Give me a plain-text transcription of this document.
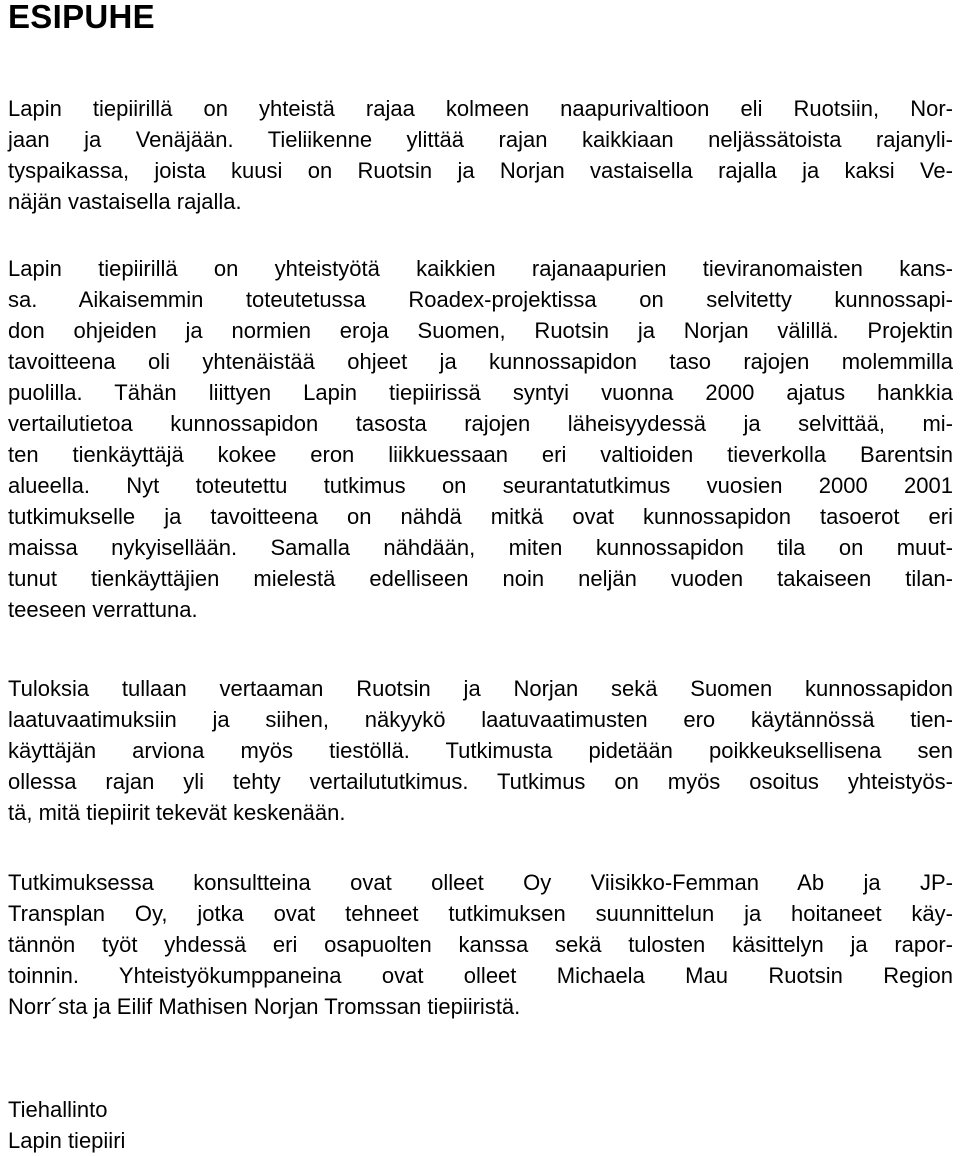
ESIPUHE

Lapin tiepiirillä on yhteistä rajaa kolmeen naapurivaltioon eli Ruotsiin, Nor-
jaan ja Venäjään. Tieliikenne ylittää rajan kaikkiaan neljässätoista rajanyli-
tyspaikassa, joista kuusi on Ruotsin ja Norjan vastaisella rajalla ja kaksi Ve-
näjän vastaisella rajalla.

Lapin tiepiirillä on yhteistyötä kaikkien rajanaapurien tieviranomaisten kans-
sa. Aikaisemmin toteutetussa Roadex-projektissa on selvitetty kunnossapi-
don ohjeiden ja normien eroja Suomen, Ruotsin ja Norjan välillä. Projektin
tavoitteena oli yhtenäistää ohjeet ja kunnossapidon taso rajojen molemmilla
puolilla. Tähän liittyen Lapin tiepiirissä syntyi vuonna 2000 ajatus hankkia
vertailutietoa kunnossapidon tasosta rajojen läheisyydessä ja selvittää, mi-
ten tienkäyttäjä kokee eron liikkuessaan eri valtioiden tieverkolla Barentsin
alueella. Nyt toteutettu tutkimus on seurantatutkimus vuosien 2000 2001
tutkimukselle ja tavoitteena on nähdä mitkä ovat kunnossapidon tasoerot eri
maissa nykyisellään. Samalla nähdään, miten kunnossapidon tila on muut-
tunut tienkäyttäjien mielestä edelliseen noin neljän vuoden takaiseen tilan-
teeseen verrattuna.

Tuloksia tullaan vertaaman Ruotsin ja Norjan sekä Suomen kunnossapidon
laatuvaatimuksiin ja siihen, näkyykö laatuvaatimusten ero käytännössä tien-
käyttäjän arviona myös tiestöllä. Tutkimusta pidetään poikkeuksellisena sen
ollessa rajan yli tehty vertailututkimus. Tutkimus on myös osoitus yhteistyös-
tä, mitä tiepiirit tekevät keskenään.

Tutkimuksessa konsultteina ovat olleet Oy Viisikko-Femman Ab ja JP-
Transplan Oy, jotka ovat tehneet tutkimuksen suunnittelun ja hoitaneet käy-
tännön työt yhdessä eri osapuolten kanssa sekä tulosten käsittelyn ja rapor-
toinnin. Yhteistyökumppaneina ovat olleet Michaela Mau Ruotsin Region
Norr´sta ja Eilif Mathisen Norjan Tromssan tiepiiristä.

Tiehallinto
Lapin tiepiiri
